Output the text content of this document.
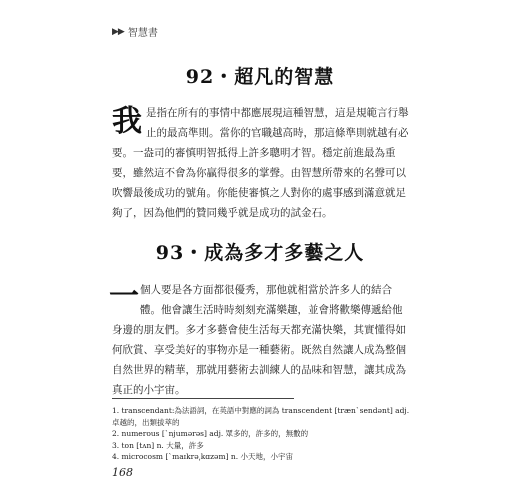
▶▶ 智慧書
92・超凡的智慧
我 是指在所有的事情中都應展現這種智慧，這是規範言行舉止的最高準則。當你的官職越高時，那這條準則就越有必要。一盎司的審慎明智抵得上許多聰明才智。穩定前進最為重要，雖然這不會為你贏得很多的掌聲。由智慧所帶來的名聲可以吹響最後成功的號角。你能使審慎之人對你的處事感到滿意就足夠了，因為他們的贊同幾乎就是成功的試金石。
93・成為多才多藝之人
一 個人要是各方面都很優秀，那他就相當於許多人的結合體。他會讓生活時時刻刻充滿樂趣，並會將歡樂傳遞給他身邊的朋友們。多才多藝會使生活每天都充滿快樂，其實懂得如何欣賞、享受美好的事物亦是一種藝術。既然自然讓人成為整個自然世界的精華，那就用藝術去訓練人的品味和智慧，讓其成為真正的小宇宙。
1. transcendant:為法語詞，在英語中對應的詞為 transcendent [træn`sendənt] adj. 卓越的，出類拔萃的
2. numerous [`njumərəs] adj. 眾多的，許多的，無數的
3. ton [tʌn] n. 大量，許多
4. microcosm [`maɪkrə͵kɑzəm] n. 小天地，小宇宙
168
